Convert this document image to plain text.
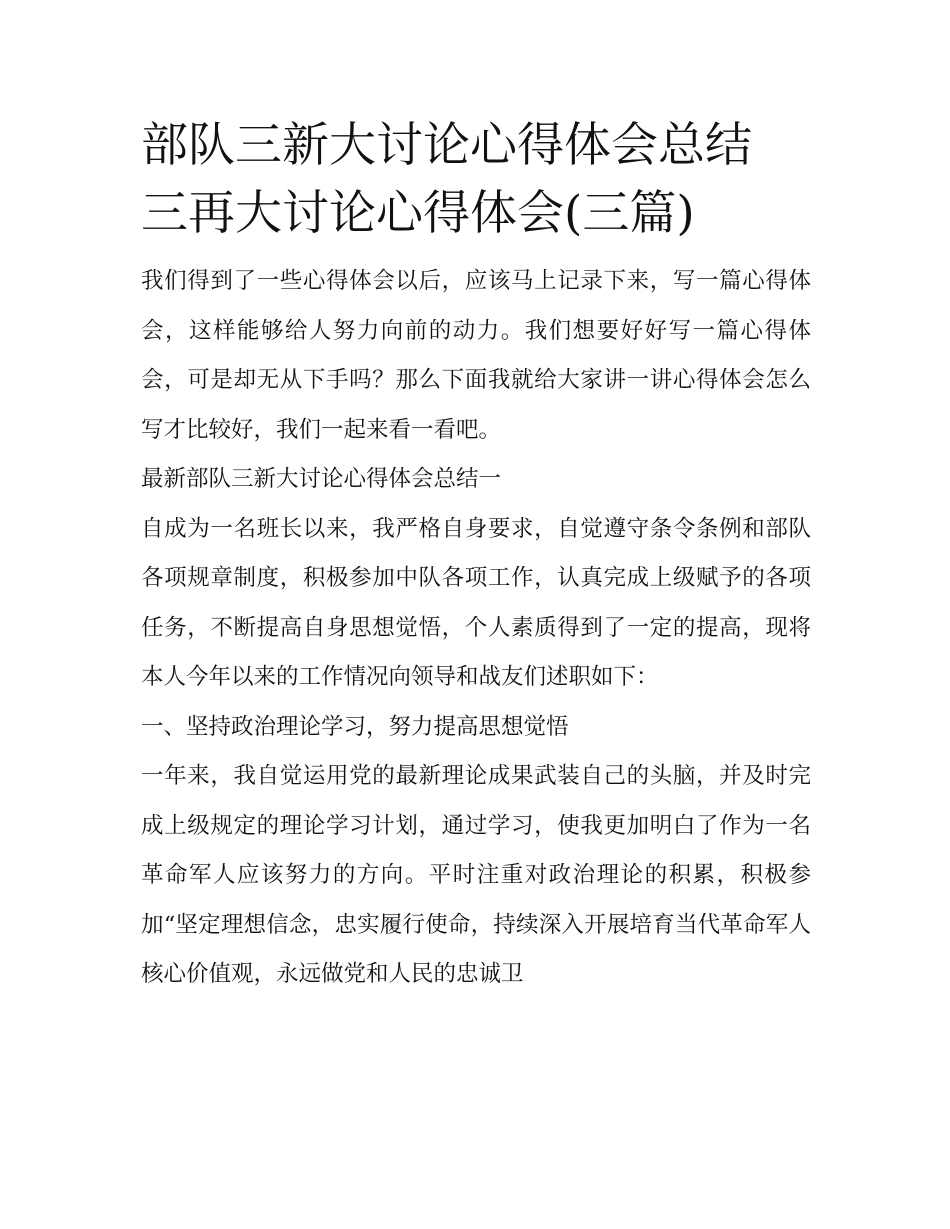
部队三新大讨论心得体会总结
三再大讨论心得体会(三篇)

我们得到了一些心得体会以后，应该马上记录下来，写一篇心得体会，这样能够给人努力向前的动力。我们想要好好写一篇心得体会，可是却无从下手吗？那么下面我就给大家讲一讲心得体会怎么写才比较好，我们一起来看一看吧。

最新部队三新大讨论心得体会总结一

自成为一名班长以来，我严格自身要求，自觉遵守条令条例和部队各项规章制度，积极参加中队各项工作，认真完成上级赋予的各项任务，不断提高自身思想觉悟，个人素质得到了一定的提高，现将本人今年以来的工作情况向领导和战友们述职如下：

一、坚持政治理论学习，努力提高思想觉悟

一年来，我自觉运用党的最新理论成果武装自己的头脑，并及时完成上级规定的理论学习计划，通过学习，使我更加明白了作为一名革命军人应该努力的方向。平时注重对政治理论的积累，积极参加“坚定理想信念，忠实履行使命，持续深入开展培育当代革命军人核心价值观，永远做党和人民的忠诚卫
